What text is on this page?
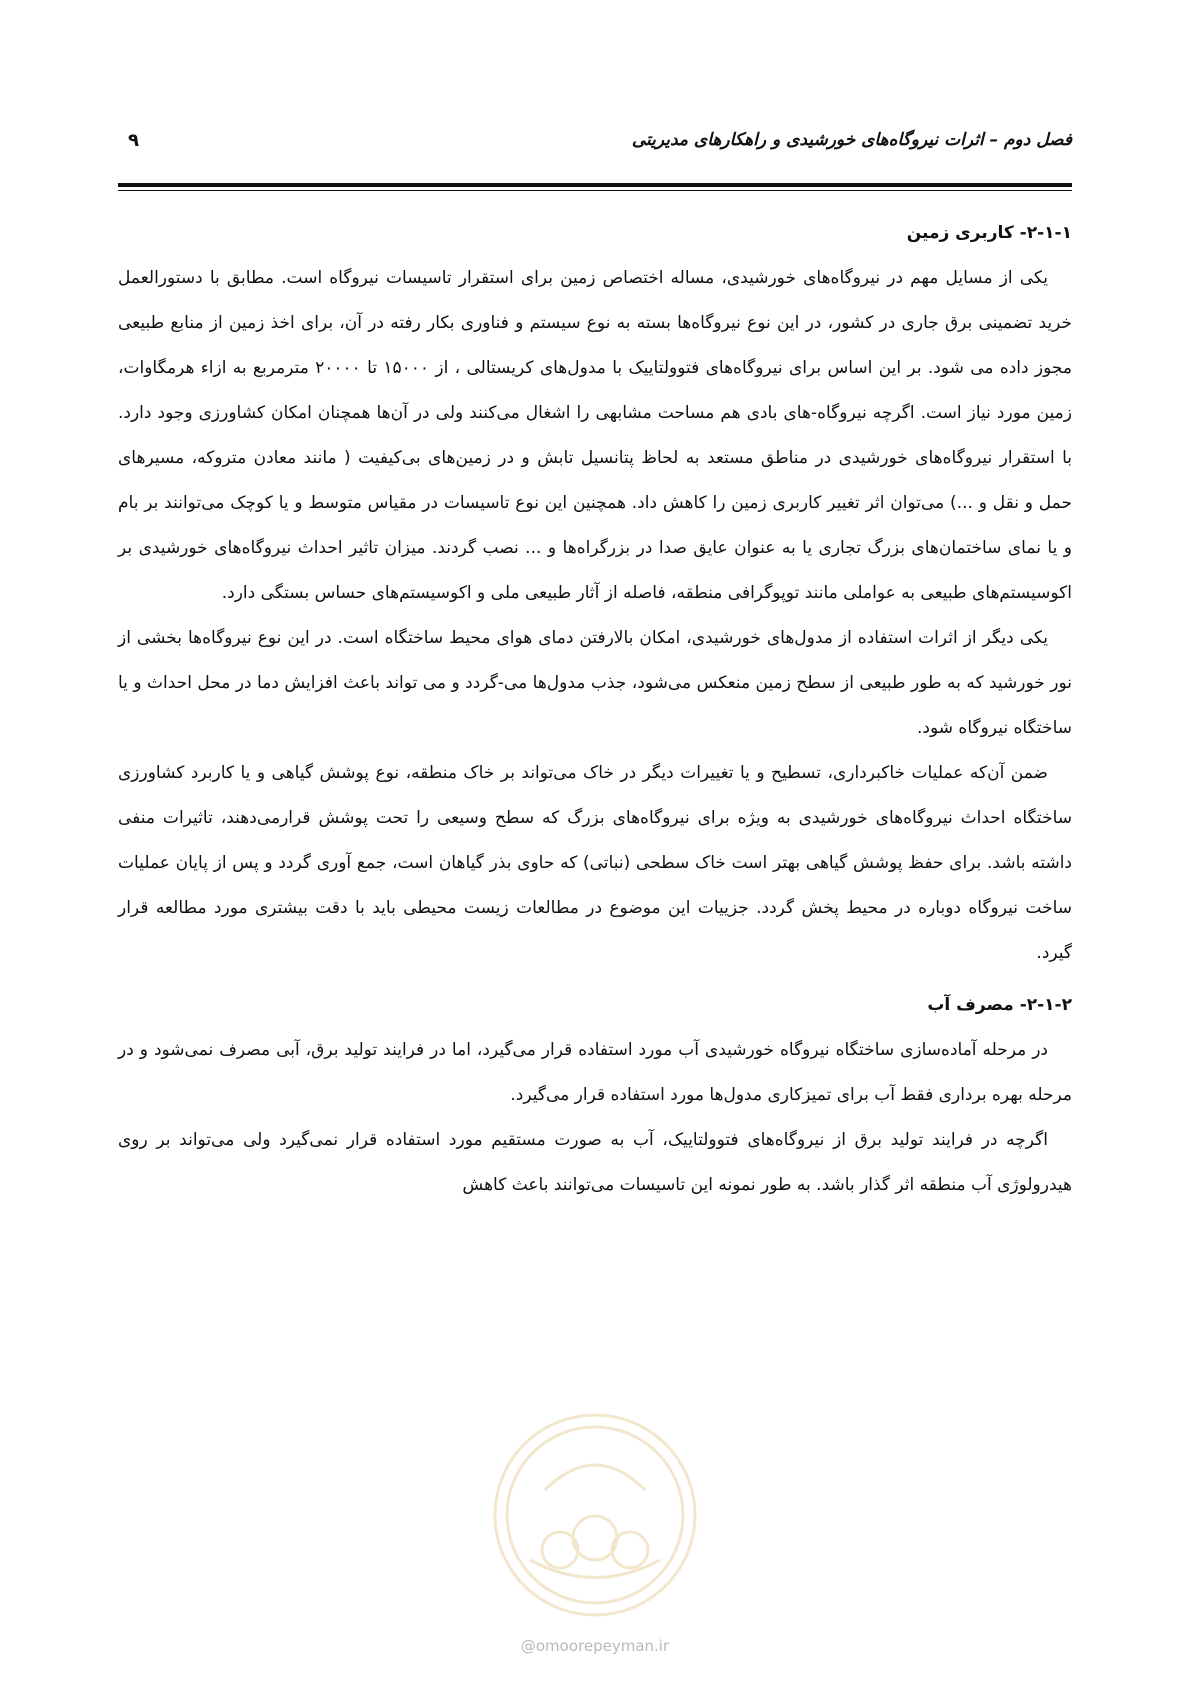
فصل دوم – اثرات نیروگاه‌های خورشیدی و راهکارهای مدیریتی
۹
۲-۱-۱- کاربری زمین

یکی از مسایل مهم در نیروگاه‌های خورشیدی، مساله اختصاص زمین برای استقرار تاسیسات نیروگاه است. مطابق با دستورالعمل خرید تضمینی برق جاری در کشور، در این نوع نیروگاه‌ها بسته به نوع سیستم و فناوری بکار رفته در آن، برای اخذ زمین از منابع طبیعی مجوز داده می شود. بر این اساس برای نیروگاه‌های فتوولتاییک با مدول‌های کریستالی ، از ۱۵۰۰۰ تا ۲۰۰۰۰ مترمربع به ازاء هرمگاوات، زمین مورد نیاز است. اگرچه نیروگاه-های بادی هم مساحت مشابهی را اشغال می‌کنند ولی در آن‌ها همچنان امکان کشاورزی وجود دارد. با استقرار نیروگاه‌های خورشیدی در مناطق مستعد به لحاظ پتانسیل تابش و در زمین‌های بی‌کیفیت ( مانند معادن متروکه، مسیرهای حمل و نقل و ...) می‌توان اثر تغییر کاربری زمین را کاهش داد. همچنین این نوع تاسیسات در مقیاس متوسط و یا کوچک می‌توانند بر بام و یا نمای ساختمان‌های بزرگ تجاری یا به عنوان عایق صدا در بزرگراه‌ها و ... نصب گردند. میزان تاثیر احداث نیروگاه‌های خورشیدی بر اکوسیستم‌های طبیعی به عواملی مانند توپوگرافی منطقه، فاصله از آثار طبیعی ملی و اکوسیستم‌های حساس بستگی دارد.

یکی دیگر از اثرات استفاده از مدول‌های خورشیدی، امکان بالارفتن دمای هوای محیط ساختگاه است. در این نوع نیروگاه‌ها بخشی از نور خورشید که به طور طبیعی از سطح زمین منعکس می‌شود، جذب مدول‌ها می-گردد و می تواند باعث افزایش دما در محل احداث و یا ساختگاه نیروگاه شود.

ضمن آن‌که عملیات خاکبرداری، تسطیح و یا تغییرات دیگر در خاک می‌تواند بر خاک منطقه، نوع پوشش گیاهی و یا کاربرد کشاورزی ساختگاه احداث نیروگاه‌های خورشیدی به ویژه برای نیروگاه‌های بزرگ که سطح وسیعی را تحت پوشش قرارمی‌دهند، تاثیرات منفی داشته باشد. برای حفظ پوشش گیاهی بهتر است خاک سطحی (نباتی) که حاوی بذر گیاهان است، جمع آوری گردد و پس از پایان عملیات ساخت نیروگاه دوباره در محیط پخش گردد. جزییات این موضوع در مطالعات زیست محیطی باید با دقت بیشتری مورد مطالعه قرار گیرد.

۲-۱-۲- مصرف آب

در مرحله آماده‌سازی ساختگاه نیروگاه خورشیدی آب مورد استفاده قرار می‌گیرد، اما در فرایند تولید برق، آبی مصرف نمی‌شود و در مرحله بهره برداری فقط آب برای تمیزکاری مدول‌ها مورد استفاده قرار می‌گیرد.

اگرچه در فرایند تولید برق از نیروگاه‌های فتوولتاییک، آب به صورت مستقیم مورد استفاده قرار نمی‌گیرد ولی می‌تواند بر روی هیدرولوژی آب منطقه اثر گذار باشد. به طور نمونه این تاسیسات می‌توانند باعث کاهش

@omoorepeyman.ir
